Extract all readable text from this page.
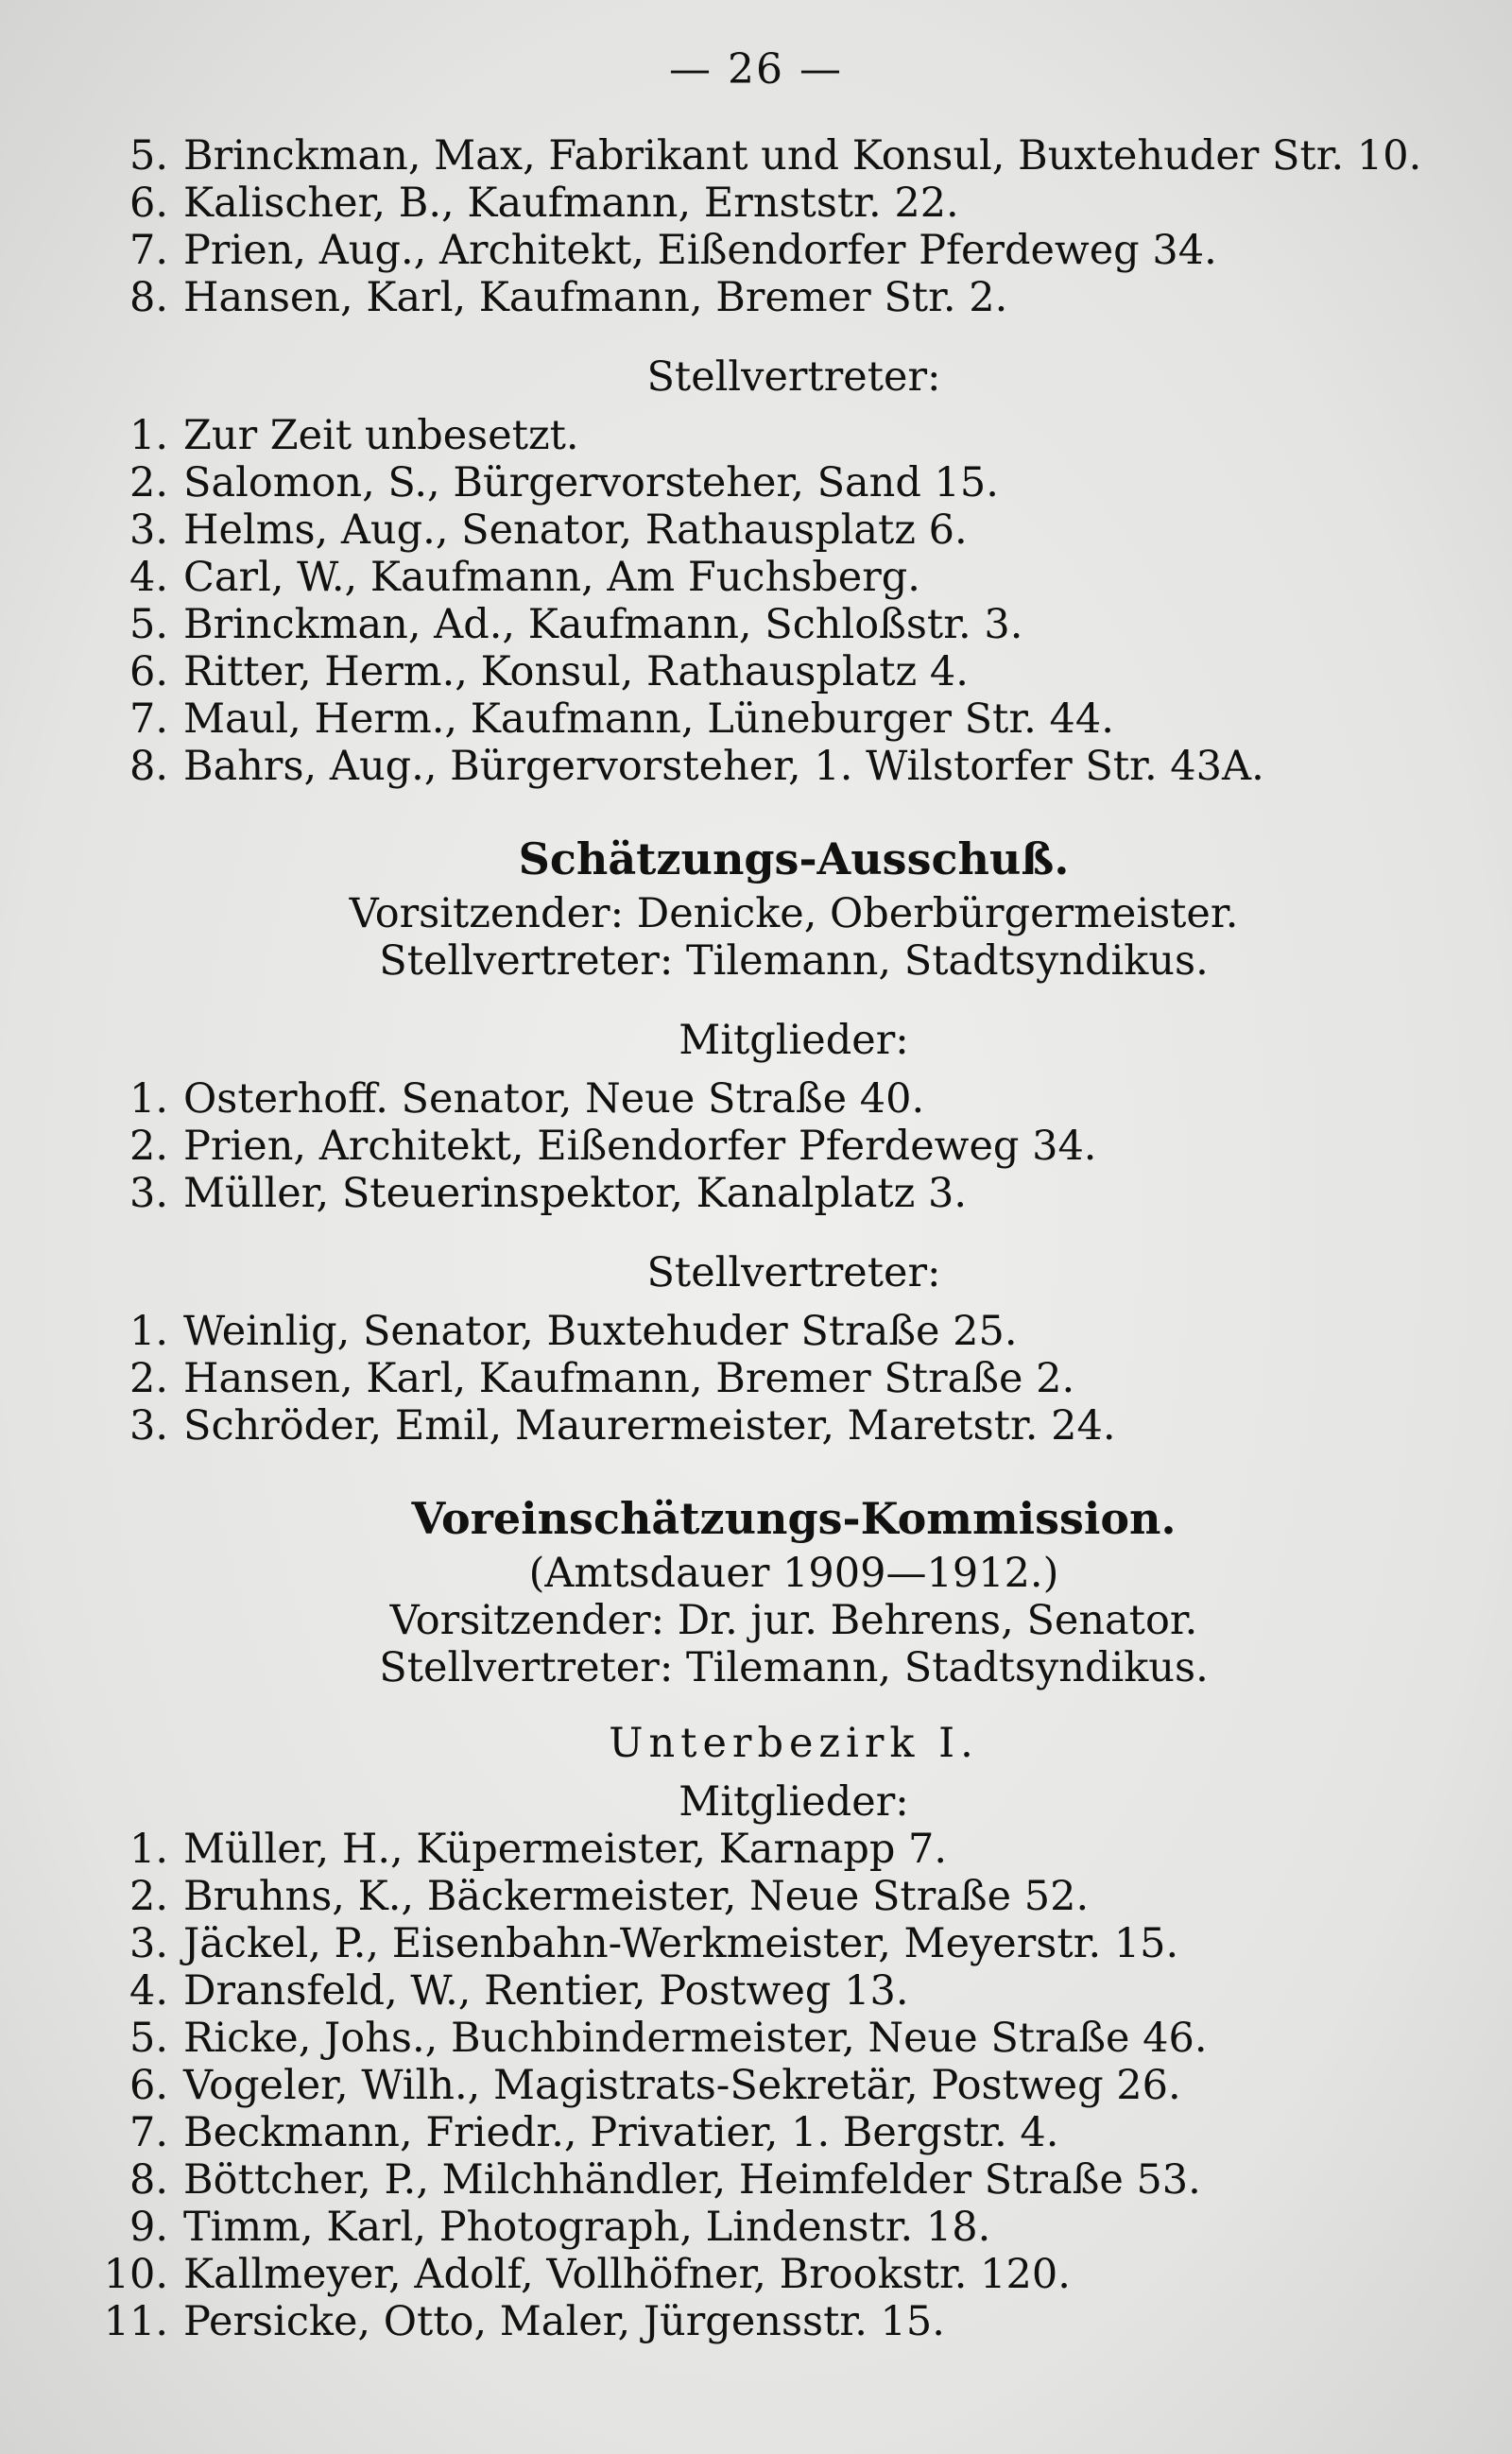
— 26 —
5. Brinckman, Max, Fabrikant und Konsul, Buxtehuder Str. 10.
6. Kalischer, B., Kaufmann, Ernststr. 22.
7. Prien, Aug., Architekt, Eißendorfer Pferdeweg 34.
8. Hansen, Karl, Kaufmann, Bremer Str. 2.
Stellvertreter:
1. Zur Zeit unbesetzt.
2. Salomon, S., Bürgervorsteher, Sand 15.
3. Helms, Aug., Senator, Rathausplatz 6.
4. Carl, W., Kaufmann, Am Fuchsberg.
5. Brinckman, Ad., Kaufmann, Schloßstr. 3.
6. Ritter, Herm., Konsul, Rathausplatz 4.
7. Maul, Herm., Kaufmann, Lüneburger Str. 44.
8. Bahrs, Aug., Bürgervorsteher, 1. Wilstorfer Str. 43A.
Schätzungs-Ausschuß.
Vorsitzender: Denicke, Oberbürgermeister.
Stellvertreter: Tilemann, Stadtsyndikus.
Mitglieder:
1. Osterhoff. Senator, Neue Straße 40.
2. Prien, Architekt, Eißendorfer Pferdeweg 34.
3. Müller, Steuerinspektor, Kanalplatz 3.
Stellvertreter:
1. Weinlig, Senator, Buxtehuder Straße 25.
2. Hansen, Karl, Kaufmann, Bremer Straße 2.
3. Schröder, Emil, Maurermeister, Maretstr. 24.
Voreinschätzungs-Kommission.
(Amtsdauer 1909—1912.)
Vorsitzender: Dr. jur. Behrens, Senator.
Stellvertreter: Tilemann, Stadtsyndikus.
Unterbezirk I.
Mitglieder:
1. Müller, H., Küpermeister, Karnapp 7.
2. Bruhns, K., Bäckermeister, Neue Straße 52.
3. Jäckel, P., Eisenbahn-Werkmeister, Meyerstr. 15.
4. Dransfeld, W., Rentier, Postweg 13.
5. Ricke, Johs., Buchbindermeister, Neue Straße 46.
6. Vogeler, Wilh., Magistrats-Sekretär, Postweg 26.
7. Beckmann, Friedr., Privatier, 1. Bergstr. 4.
8. Böttcher, P., Milchhändler, Heimfelder Straße 53.
9. Timm, Karl, Photograph, Lindenstr. 18.
10. Kallmeyer, Adolf, Vollhöfner, Brookstr. 120.
11. Persicke, Otto, Maler, Jürgensstr. 15.
